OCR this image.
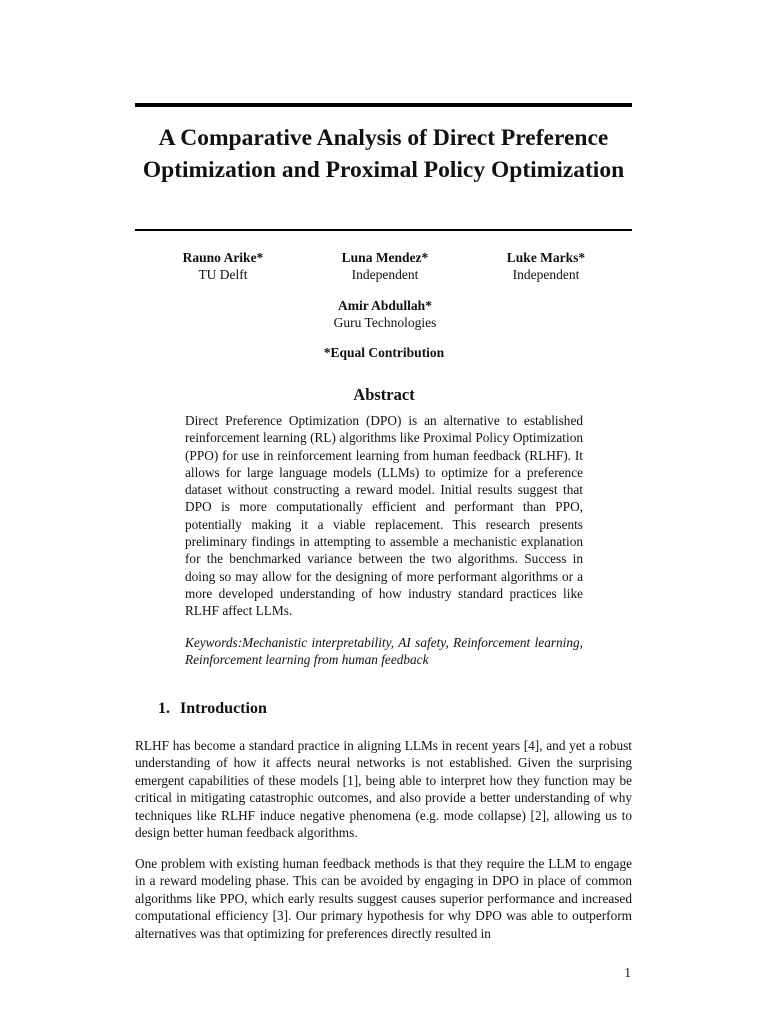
A Comparative Analysis of Direct Preference Optimization and Proximal Policy Optimization
Rauno Arike*
TU Delft
Luna Mendez*
Independent
Luke Marks*
Independent
Amir Abdullah*
Guru Technologies
*Equal Contribution
Abstract
Direct Preference Optimization (DPO) is an alternative to established reinforcement learning (RL) algorithms like Proximal Policy Optimization (PPO) for use in reinforcement learning from human feedback (RLHF). It allows for large language models (LLMs) to optimize for a preference dataset without constructing a reward model. Initial results suggest that DPO is more computationally efficient and performant than PPO, potentially making it a viable replacement. This research presents preliminary findings in attempting to assemble a mechanistic explanation for the benchmarked variance between the two algorithms. Success in doing so may allow for the designing of more performant algorithms or a more developed understanding of how industry standard practices like RLHF affect LLMs.
Keywords:Mechanistic interpretability, AI safety, Reinforcement learning, Reinforcement learning from human feedback
1. Introduction
RLHF has become a standard practice in aligning LLMs in recent years [4], and yet a robust understanding of how it affects neural networks is not established. Given the surprising emergent capabilities of these models [1], being able to interpret how they function may be critical in mitigating catastrophic outcomes, and also provide a better understanding of why techniques like RLHF induce negative phenomena (e.g. mode collapse) [2], allowing us to design better human feedback algorithms.
One problem with existing human feedback methods is that they require the LLM to engage in a reward modeling phase. This can be avoided by engaging in DPO in place of common algorithms like PPO, which early results suggest causes superior performance and increased computational efficiency [3]. Our primary hypothesis for why DPO was able to outperform alternatives was that optimizing for preferences directly resulted in
1
